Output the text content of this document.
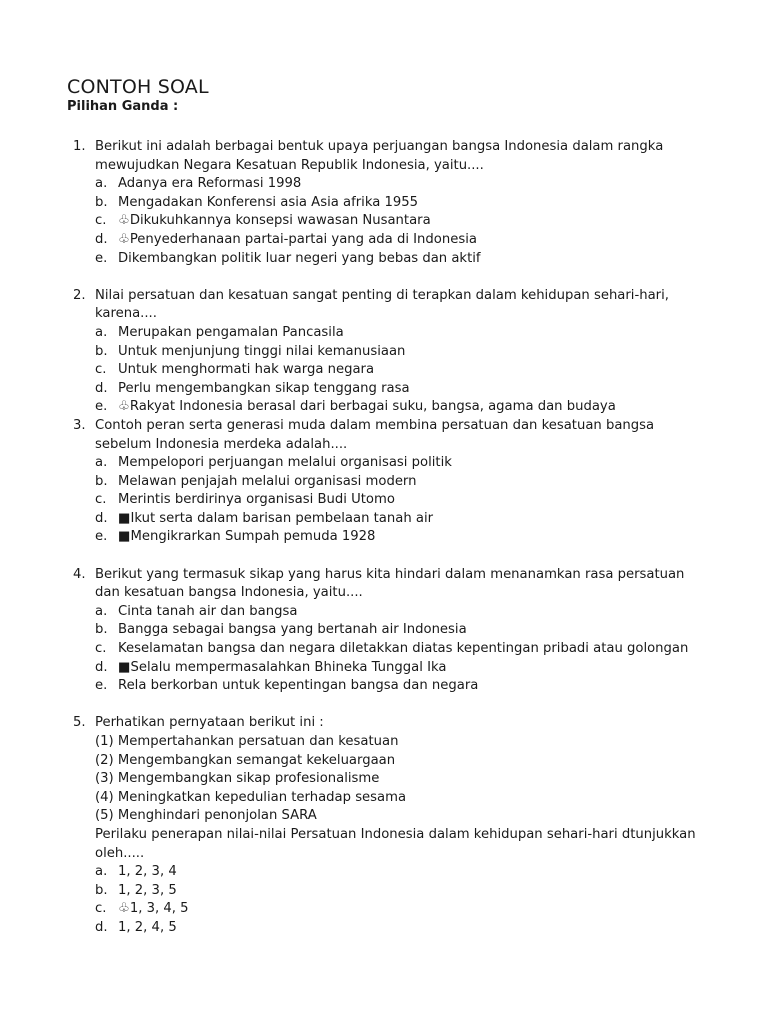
CONTOH SOAL
Pilihan Ganda :
1. Berikut ini adalah berbagai bentuk upaya perjuangan bangsa Indonesia dalam rangka mewujudkan Negara Kesatuan Republik Indonesia, yaitu....

a. Adanya era Reformasi 1998
b. Mengadakan Konferensi asia Asia afrika 1955
c. ♧Dikukuhkannya konsepsi wawasan Nusantara
d. ♧Penyederhanaan partai-partai yang ada di Indonesia
e. Dikembangkan politik luar negeri yang bebas dan aktif
2. Nilai persatuan dan kesatuan sangat penting di terapkan dalam kehidupan sehari-hari, karena....

a. Merupakan pengamalan Pancasila
b. Untuk menjunjung tinggi nilai kemanusiaan
c. Untuk menghormati hak warga negara
d. Perlu mengembangkan sikap tenggang rasa
e. ♧Rakyat Indonesia berasal dari berbagai suku, bangsa, agama dan budaya
3. Contoh peran serta generasi muda dalam membina persatuan dan kesatuan bangsa sebelum Indonesia merdeka adalah....

a. Mempelopori perjuangan melalui organisasi politik
b. Melawan penjajah melalui organisasi modern
c. Merintis berdirinya organisasi Budi Utomo
d. ■Ikut serta dalam barisan pembelaan tanah air
e. ■Mengikrarkan Sumpah pemuda 1928
4. Berikut yang termasuk sikap yang harus kita hindari dalam menanamkan rasa persatuan dan kesatuan bangsa Indonesia, yaitu....

a. Cinta tanah air dan bangsa
b. Bangga sebagai bangsa yang bertanah air Indonesia
c. Keselamatan bangsa dan negara diletakkan diatas kepentingan pribadi atau golongan
d. ■Selalu mempermasalahkan Bhineka Tunggal Ika
e. Rela berkorban untuk kepentingan bangsa dan negara
5. Perhatikan pernyataan berikut ini :

(1) Mempertahankan persatuan dan kesatuan

(2) Mengembangkan semangat kekeluargaan

(3) Mengembangkan sikap profesionalisme

(4) Meningkatkan kepedulian terhadap sesama

(5) Menghindari penonjolan SARA

Perilaku penerapan nilai-nilai Persatuan Indonesia dalam kehidupan sehari-hari dtunjukkan oleh.....

a. 1, 2, 3, 4
b. 1, 2, 3, 5
c. ♧1, 3, 4, 5
d. 1, 2, 4, 5
